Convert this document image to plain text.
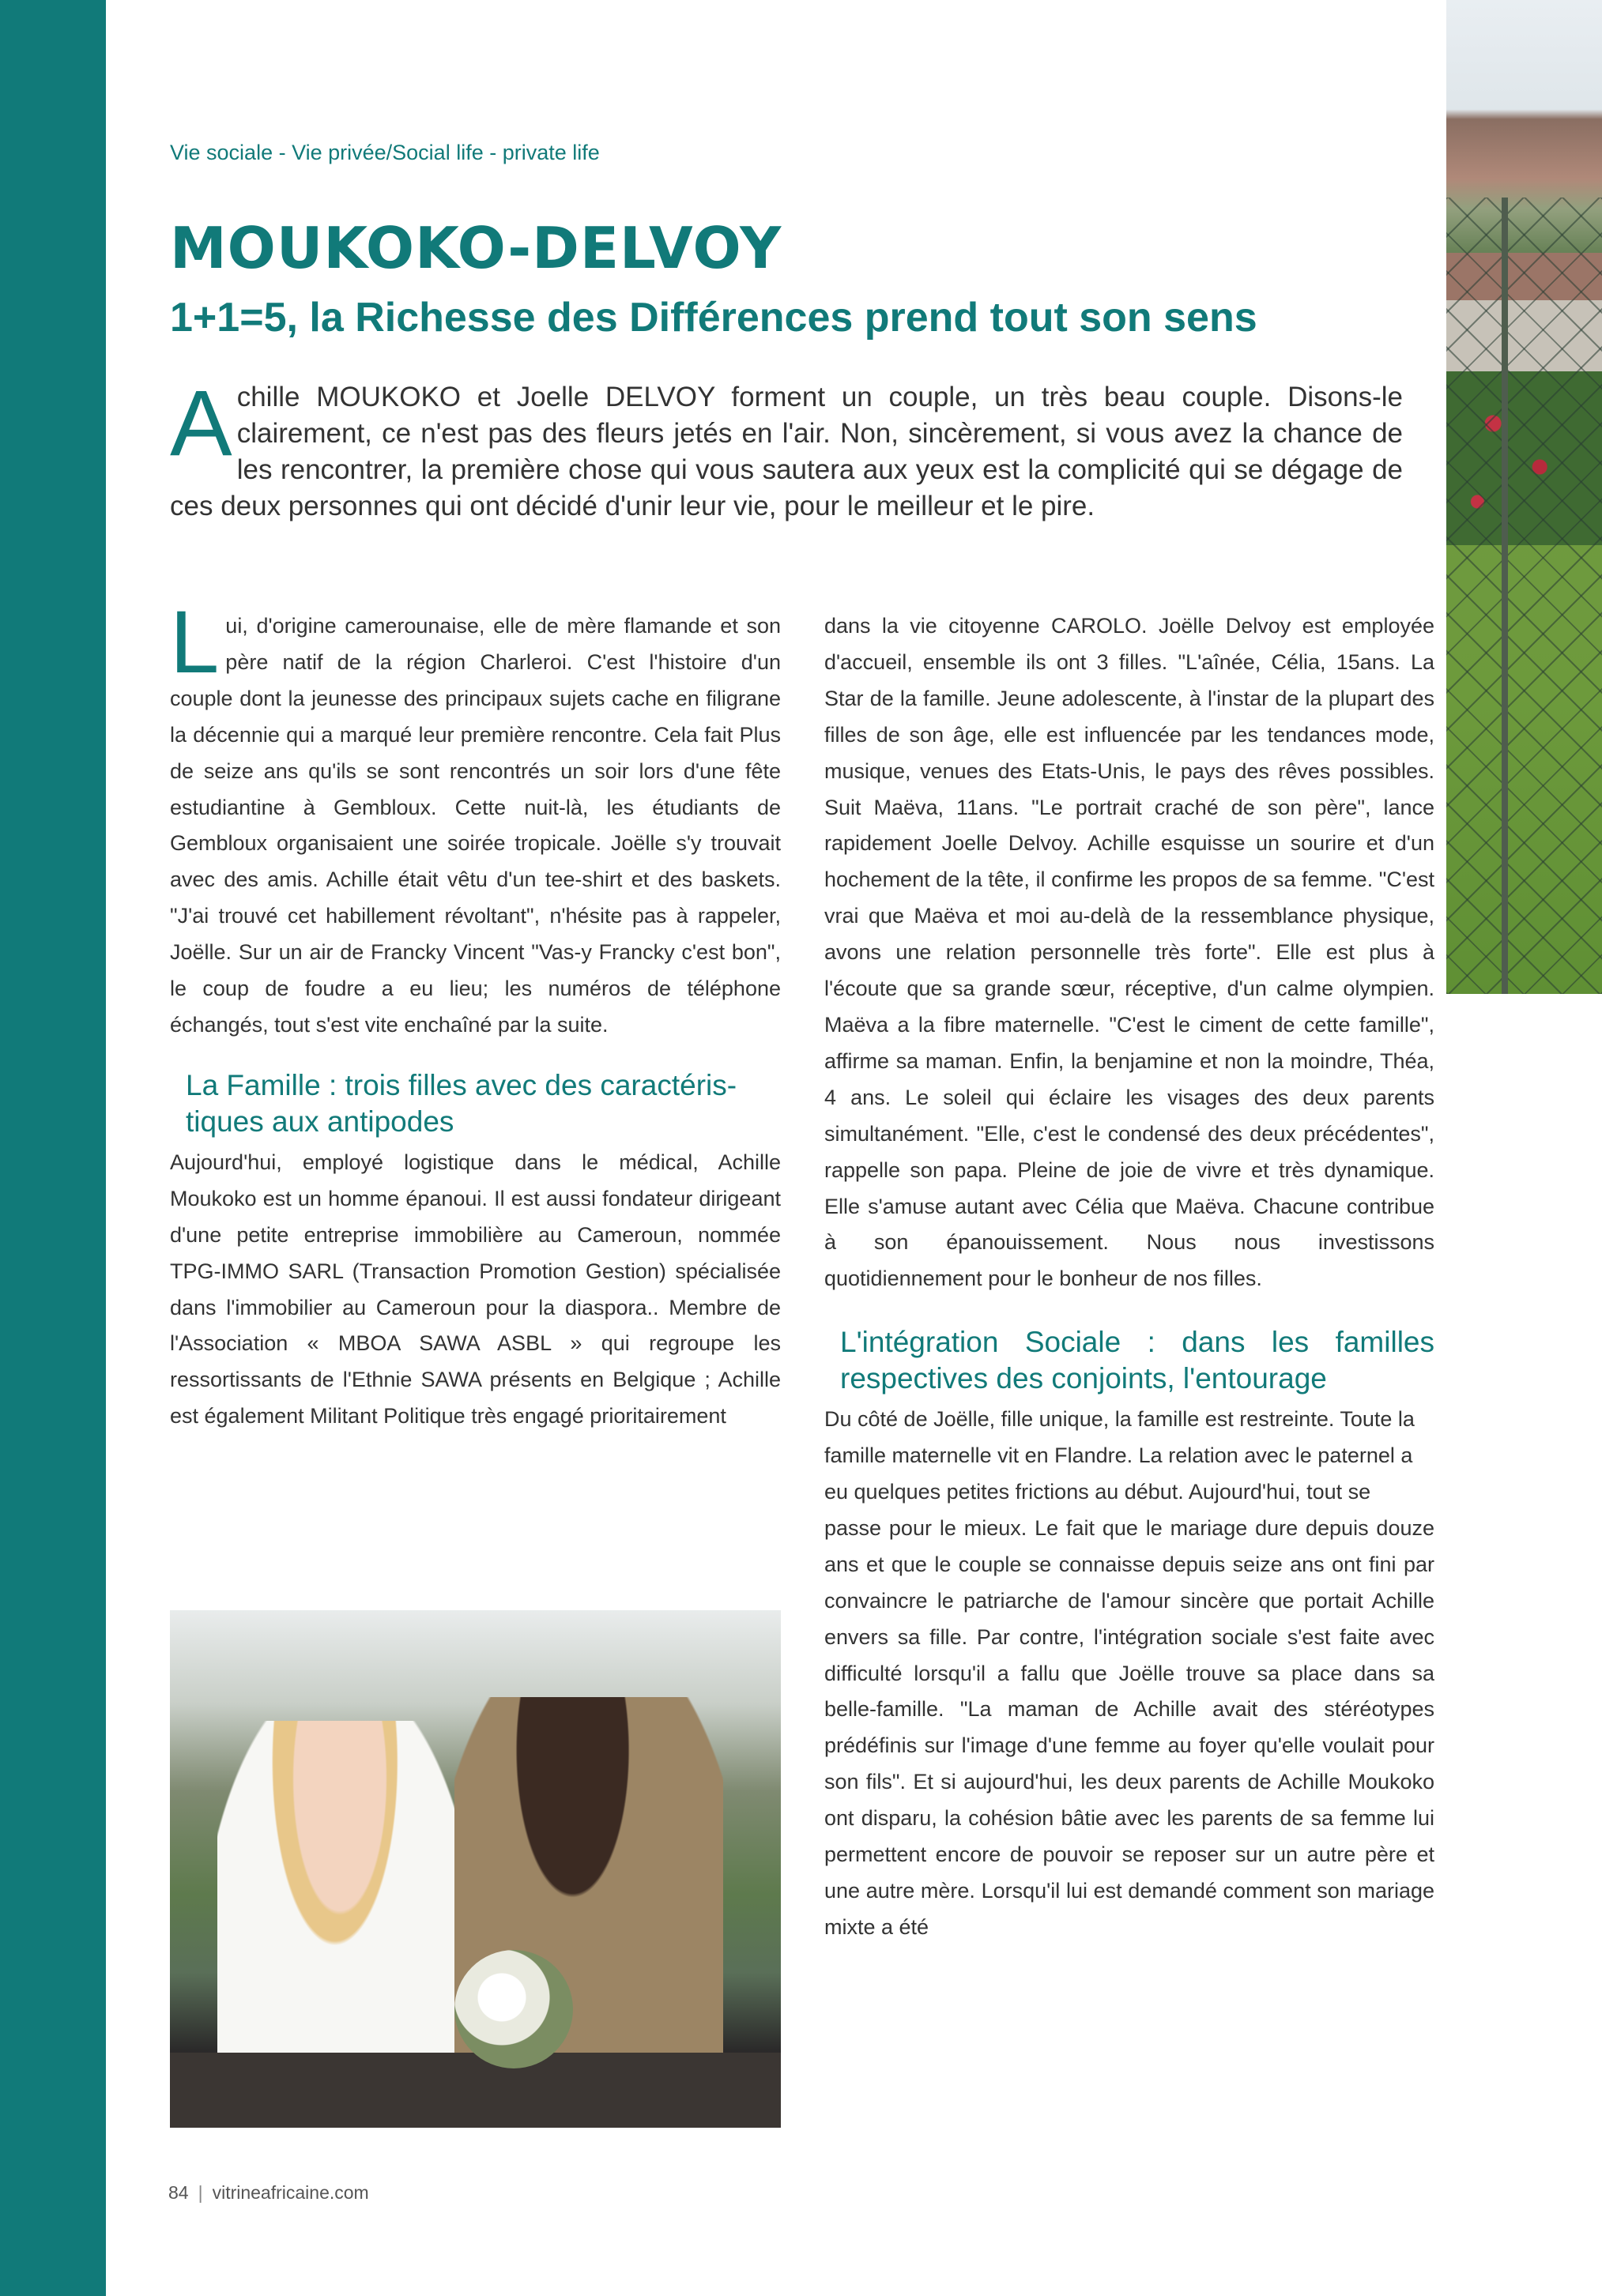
Vie sociale - Vie privée/Social life - private life
MOUKOKO-DELVOY
1+1=5, la Richesse des Différences prend tout son sens
Achille MOUKOKO et Joelle DELVOY forment un couple, un très beau couple. Disons-le clairement, ce n'est pas des fleurs jetés en l'air. Non, sincèrement, si vous avez la chance de les rencontrer, la première chose qui vous sautera aux yeux est la complicité qui se dégage de ces deux personnes qui ont décidé d'unir leur vie, pour le meilleur et le pire.

Lui, d'origine camerounaise, elle de mère flamande et son père natif de la région Charleroi. C'est l'histoire d'un couple dont la jeunesse des principaux sujets cache en filigrane la décennie qui a marqué leur première rencontre. Cela fait Plus de seize ans qu'ils se sont rencontrés un soir lors d'une fête estudiantine à Gembloux. Cette nuit-là, les étudiants de Gembloux organisaient une soirée tropicale. Joëlle s'y trouvait avec des amis. Achille était vêtu d'un tee-shirt et des baskets. "J'ai trouvé cet habillement révoltant", n'hésite pas à rappeler, Joëlle. Sur un air de Francky Vincent "Vas-y Francky c'est bon", le coup de foudre a eu lieu; les numéros de téléphone échangés, tout s'est vite enchaîné par la suite.

La Famille : trois filles avec des caractéris-tiques aux antipodes

Aujourd'hui, employé logistique dans le médical, Achille Moukoko est un homme épanoui. Il est aussi fondateur dirigeant d'une petite entreprise immobilière au Cameroun, nommée TPG-IMMO SARL (Transaction Promotion Gestion) spécialisée dans l'immobilier au Cameroun pour la diaspora.. Membre de l'Association « MBOA SAWA ASBL » qui regroupe les ressortissants de l'Ethnie SAWA présents en Belgique ; Achille est également Militant Politique très engagé prioritairement

dans la vie citoyenne CAROLO. Joëlle Delvoy est employée d'accueil, ensemble ils ont 3 filles. "L'aînée, Célia, 15ans. La Star de la famille. Jeune adolescente, à l'instar de la plupart des filles de son âge, elle est influencée par les tendances mode, musique, venues des Etats-Unis, le pays des rêves possibles. Suit Maëva, 11ans. "Le portrait craché de son père", lance rapidement Joelle Delvoy. Achille esquisse un sourire et d'un hochement de la tête, il confirme les propos de sa femme. "C'est vrai que Maëva et moi au-delà de la ressemblance physique, avons une relation personnelle très forte". Elle est plus à l'écoute que sa grande sœur, réceptive, d'un calme olympien. Maëva a la fibre maternelle. "C'est le ciment de cette famille", affirme sa maman. Enfin, la benjamine et non la moindre, Théa, 4 ans. Le soleil qui éclaire les visages des deux parents simultanément. "Elle, c'est le condensé des deux précédentes", rappelle son papa. Pleine de joie de vivre et très dynamique. Elle s'amuse autant avec Célia que Maëva. Chacune contribue à son épanouissement. Nous nous investissons quotidiennement pour le bonheur de nos filles.

L'intégration Sociale : dans les familles respectives des conjoints, l'entourage

Du côté de Joëlle, fille unique, la famille est restreinte. Toute la famille maternelle vit en Flandre. La relation avec le paternel a eu quelques petites frictions au début. Aujourd'hui, tout se

passe pour le mieux. Le fait que le mariage dure depuis douze ans et que le couple se connaisse depuis seize ans ont fini par convaincre le patriarche de l'amour sincère que portait Achille envers sa fille. Par contre, l'intégration sociale s'est faite avec difficulté lorsqu'il a fallu que Joëlle trouve sa place dans sa belle-famille. "La maman de Achille avait des stéréotypes prédéfinis sur l'image d'une femme au foyer qu'elle voulait pour son fils". Et si aujourd'hui, les deux parents de Achille Moukoko ont disparu, la cohésion bâtie avec les parents de sa femme lui permettent encore de pouvoir se reposer sur un autre père et une autre mère. Lorsqu'il lui est demandé comment son mariage mixte a été

84 | vitrineafricaine.com
